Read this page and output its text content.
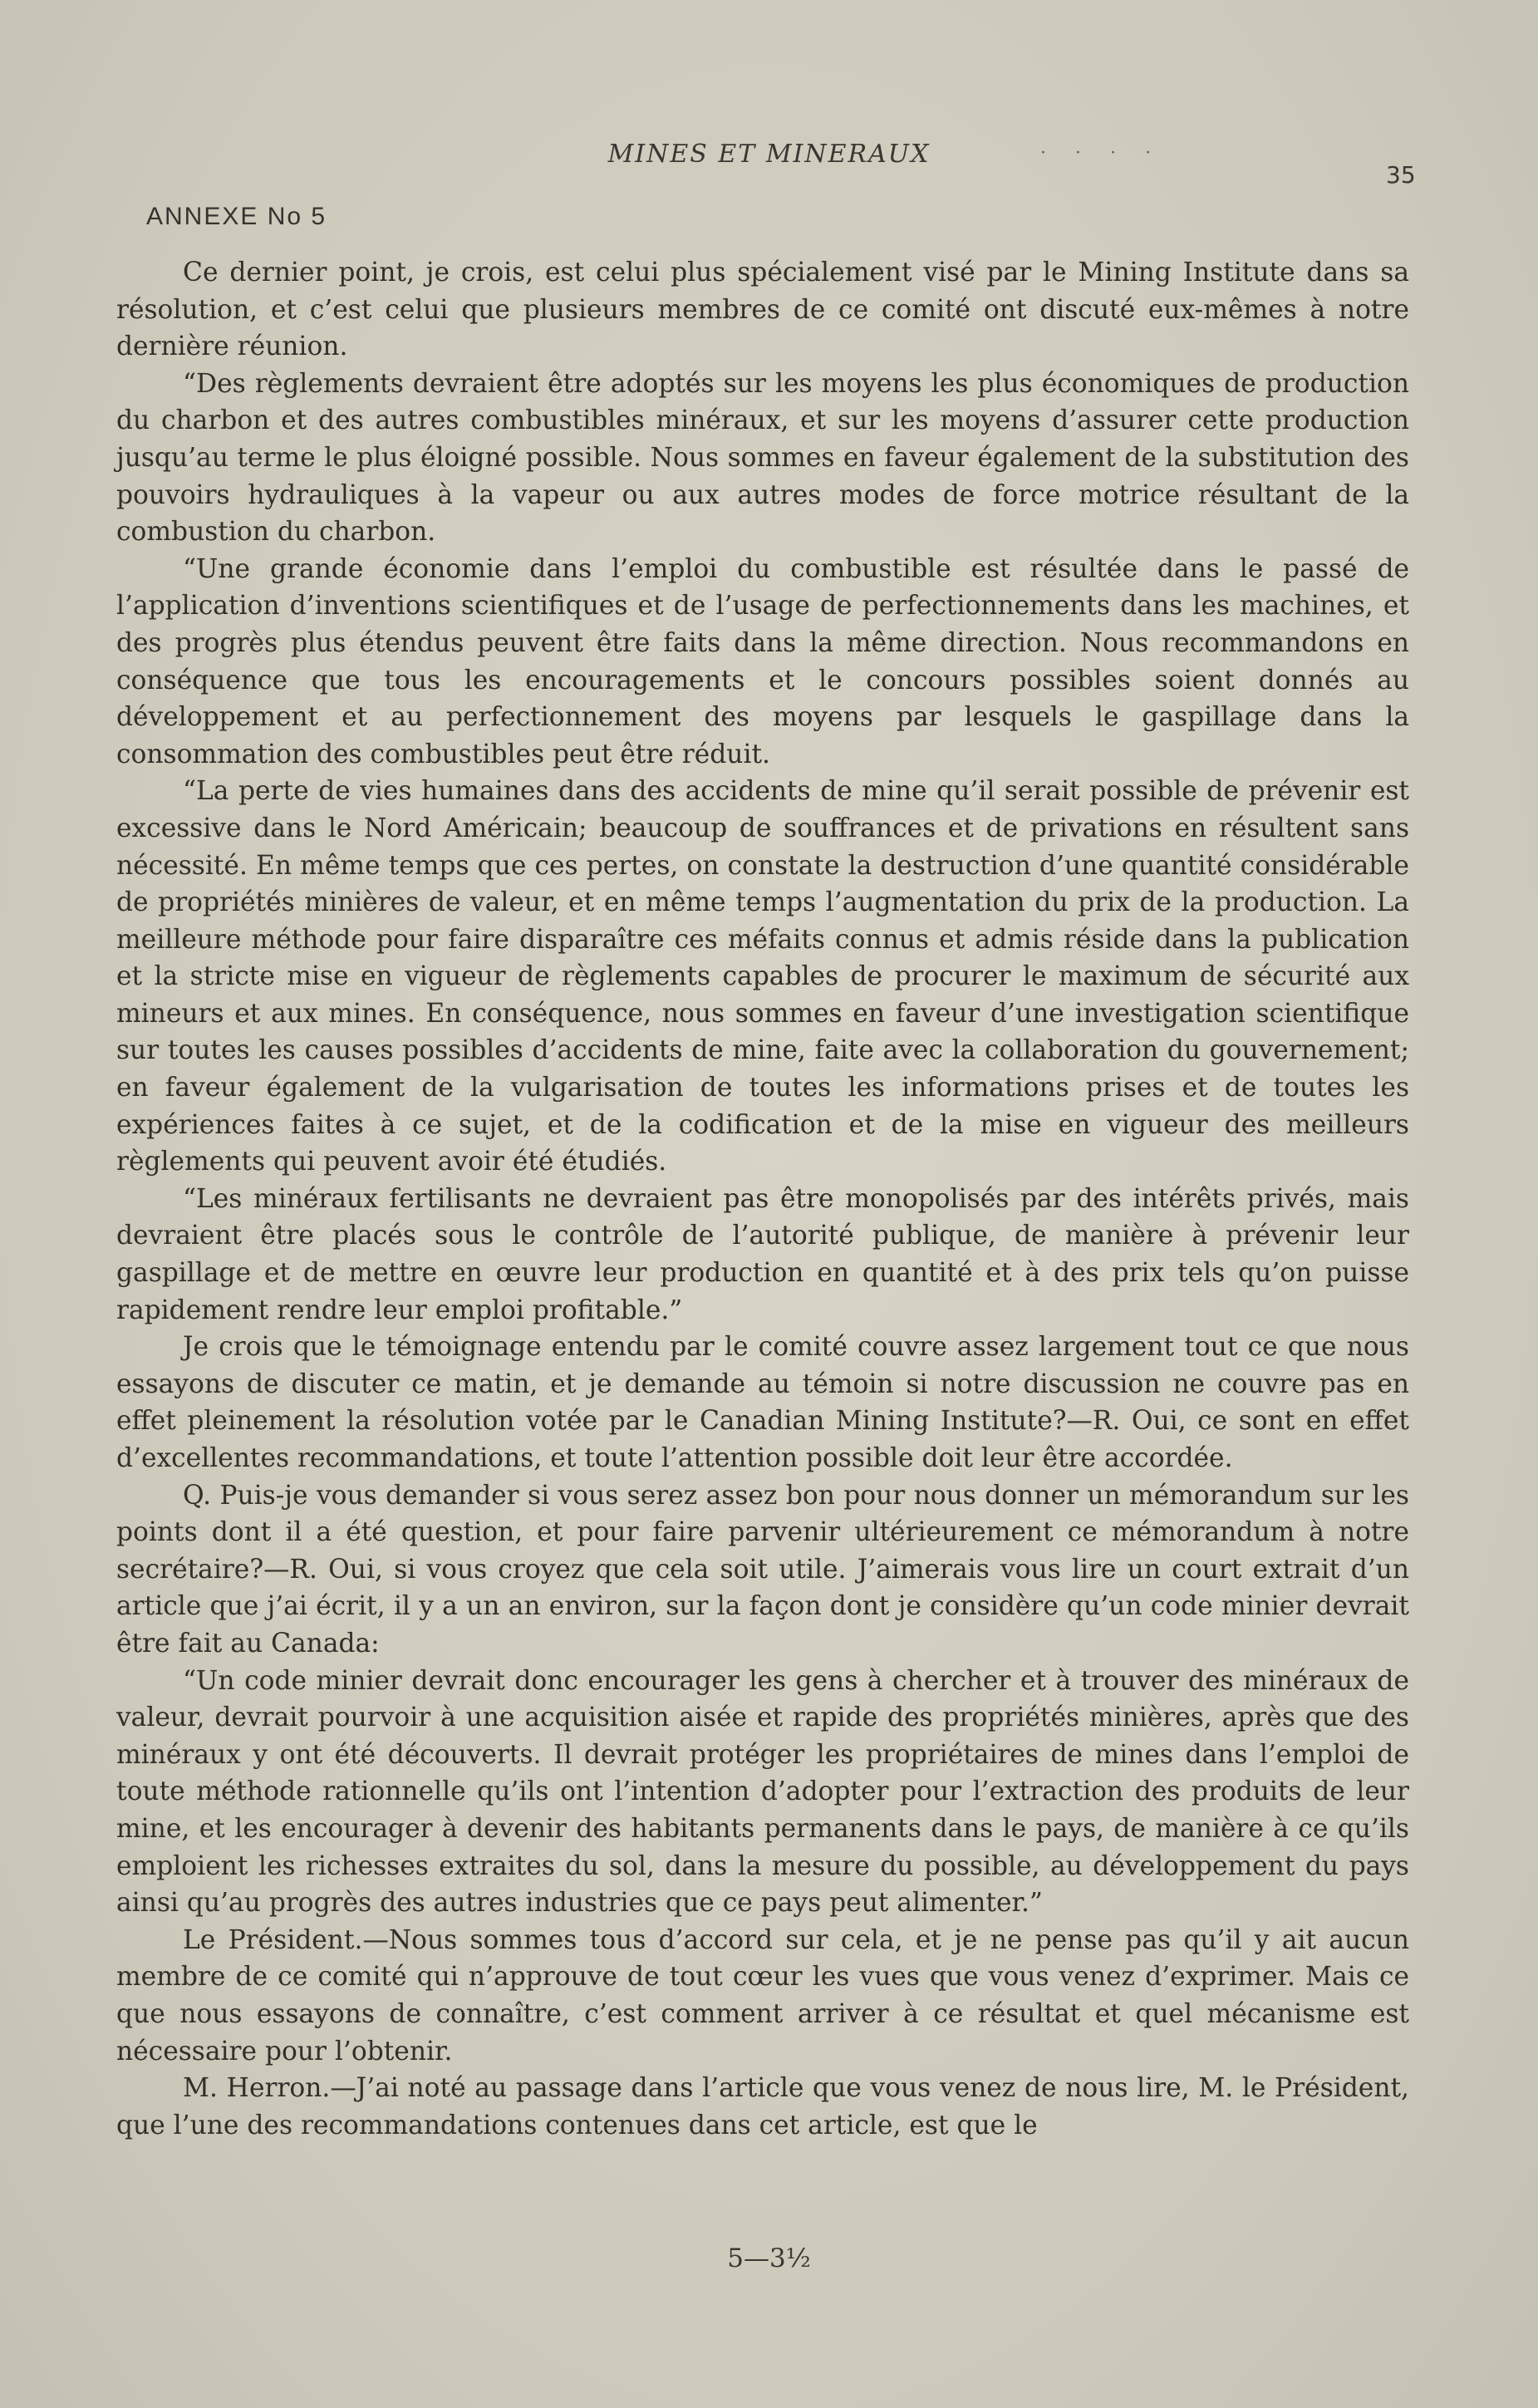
MINES ET MINERAUX	· · · ·
35
ANNEXE No 5

Ce dernier point, je crois, est celui plus spécialement visé par le Mining Institute dans sa résolution, et c’est celui que plusieurs membres de ce comité ont discuté eux-mêmes à notre dernière réunion.

“Des règlements devraient être adoptés sur les moyens les plus économiques de production du charbon et des autres combustibles minéraux, et sur les moyens d’assurer cette production jusqu’au terme le plus éloigné possible. Nous sommes en faveur également de la substitution des pouvoirs hydrauliques à la vapeur ou aux autres modes de force motrice résultant de la combustion du charbon.

“Une grande économie dans l’emploi du combustible est résultée dans le passé de l’application d’inventions scientifiques et de l’usage de perfectionnements dans les machines, et des progrès plus étendus peuvent être faits dans la même direction. Nous recommandons en conséquence que tous les encouragements et le concours possibles soient donnés au développement et au perfectionnement des moyens par lesquels le gaspillage dans la consommation des combustibles peut être réduit.

“La perte de vies humaines dans des accidents de mine qu’il serait possible de prévenir est excessive dans le Nord Américain; beaucoup de souffrances et de privations en résultent sans nécessité. En même temps que ces pertes, on constate la destruction d’une quantité considérable de propriétés minières de valeur, et en même temps l’augmentation du prix de la production. La meilleure méthode pour faire disparaître ces méfaits connus et admis réside dans la publication et la stricte mise en vigueur de règlements capables de procurer le maximum de sécurité aux mineurs et aux mines. En conséquence, nous sommes en faveur d’une investigation scientifique sur toutes les causes possibles d’accidents de mine, faite avec la collaboration du gouvernement; en faveur également de la vulgarisation de toutes les informations prises et de toutes les expériences faites à ce sujet, et de la codification et de la mise en vigueur des meilleurs règlements qui peuvent avoir été étudiés.

“Les minéraux fertilisants ne devraient pas être monopolisés par des intérêts privés, mais devraient être placés sous le contrôle de l’autorité publique, de manière à prévenir leur gaspillage et de mettre en œuvre leur production en quantité et à des prix tels qu’on puisse rapidement rendre leur emploi profitable.”

Je crois que le témoignage entendu par le comité couvre assez largement tout ce que nous essayons de discuter ce matin, et je demande au témoin si notre discussion ne couvre pas en effet pleinement la résolution votée par le Canadian Mining Institute?—R. Oui, ce sont en effet d’excellentes recommandations, et toute l’attention possible doit leur être accordée.

Q. Puis-je vous demander si vous serez assez bon pour nous donner un mémorandum sur les points dont il a été question, et pour faire parvenir ultérieurement ce mémorandum à notre secrétaire?—R. Oui, si vous croyez que cela soit utile. J’aimerais vous lire un court extrait d’un article que j’ai écrit, il y a un an environ, sur la façon dont je considère qu’un code minier devrait être fait au Canada:

“Un code minier devrait donc encourager les gens à chercher et à trouver des minéraux de valeur, devrait pourvoir à une acquisition aisée et rapide des propriétés minières, après que des minéraux y ont été découverts. Il devrait protéger les propriétaires de mines dans l’emploi de toute méthode rationnelle qu’ils ont l’intention d’adopter pour l’extraction des produits de leur mine, et les encourager à devenir des habitants permanents dans le pays, de manière à ce qu’ils emploient les richesses extraites du sol, dans la mesure du possible, au développement du pays ainsi qu’au progrès des autres industries que ce pays peut alimenter.”

Le Président.—Nous sommes tous d’accord sur cela, et je ne pense pas qu’il y ait aucun membre de ce comité qui n’approuve de tout cœur les vues que vous venez d’exprimer. Mais ce que nous essayons de connaître, c’est comment arriver à ce résultat et quel mécanisme est nécessaire pour l’obtenir.

M. Herron.—J’ai noté au passage dans l’article que vous venez de nous lire, M. le Président, que l’une des recommandations contenues dans cet article, est que le

5—3½
